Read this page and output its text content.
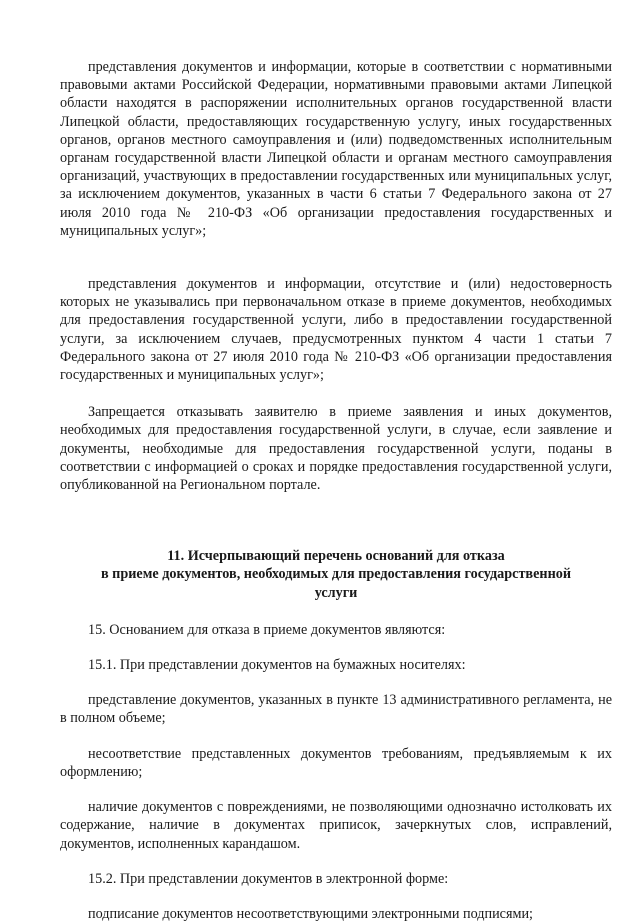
представления документов и информации, которые в соответствии с нормативными правовыми актами Российской Федерации, нормативными правовыми актами Липецкой области находятся в распоряжении исполнительных органов государственной власти Липецкой области, предоставляющих государственную услугу, иных государственных органов, органов местного самоуправления и (или) подведомственных исполнительным органам государственной власти Липецкой области и органам местного самоуправления организаций, участвующих в предоставлении государственных или муниципальных услуг, за исключением документов, указанных в части 6 статьи 7 Федерального закона от 27 июля 2010 года № 210-ФЗ «Об организации предоставления государственных и муниципальных услуг»;

представления документов и информации, отсутствие и (или) недостоверность которых не указывались при первоначальном отказе в приеме документов, необходимых для предоставления государственной услуги, либо в предоставлении государственной услуги, за исключением случаев, предусмотренных пунктом 4 части 1 статьи 7 Федерального закона от 27 июля 2010 года № 210-ФЗ «Об организации предоставления государственных и муниципальных услуг»;

Запрещается отказывать заявителю в приеме заявления и иных документов, необходимых для предоставления государственной услуги, в случае, если заявление и документы, необходимые для предоставления государственной услуги, поданы в соответствии с информацией о сроках и порядке предоставления государственной услуги, опубликованной на Региональном портале.

11. Исчерпывающий перечень оснований для отказа

в приеме документов, необходимых для предоставления государственной

услуги

15. Основанием для отказа в приеме документов являются:

15.1. При представлении документов на бумажных носителях:

представление документов, указанных в пункте 13 административного регламента, не в полном объеме;

несоответствие представленных документов требованиям, предъявляемым к их оформлению;

наличие документов с повреждениями, не позволяющими однозначно истолковать их содержание, наличие в документах приписок, зачеркнутых слов, исправлений, документов, исполненных карандашом.

15.2. При представлении документов в электронной форме:

подписание документов несоответствующими электронными подписями;
